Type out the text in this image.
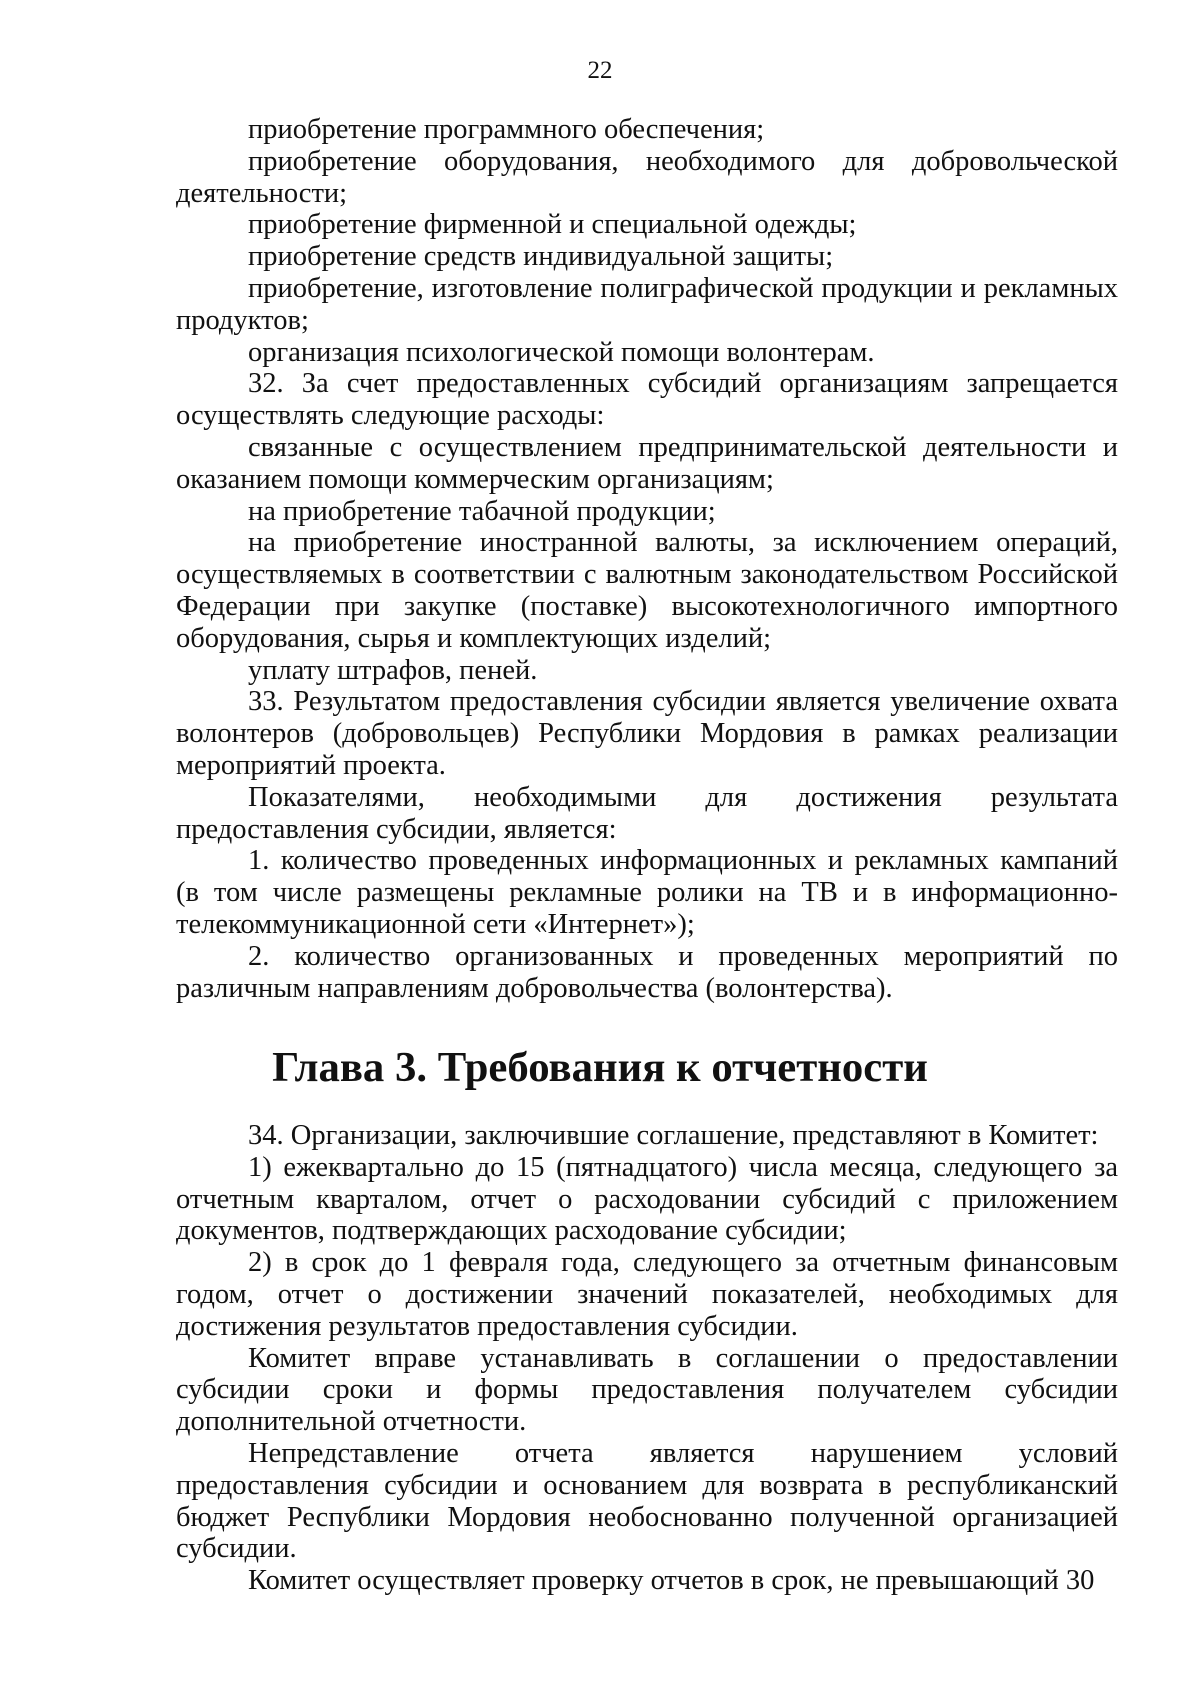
22

приобретение программного обеспечения;

приобретение оборудования, необходимого для добровольческой деятельности;

приобретение фирменной и специальной одежды;

приобретение средств индивидуальной защиты;

приобретение, изготовление полиграфической продукции и рекламных продуктов;

организация психологической помощи волонтерам.

32. За счет предоставленных субсидий организациям запрещается осуществлять следующие расходы:

связанные с осуществлением предпринимательской деятельности и оказанием помощи коммерческим организациям;

на приобретение табачной продукции;

на приобретение иностранной валюты, за исключением операций, осуществляемых в соответствии с валютным законодательством Российской Федерации при закупке (поставке) высокотехнологичного импортного оборудования, сырья и комплектующих изделий;

уплату штрафов, пеней.

33. Результатом предоставления субсидии является увеличение охвата волонтеров (добровольцев) Республики Мордовия в рамках реализации мероприятий проекта.

Показателями, необходимыми для достижения результата предоставления субсидии, является:

1. количество проведенных информационных и рекламных кампаний (в том числе размещены рекламные ролики на ТВ и в информационно-телекоммуникационной сети «Интернет»);

2. количество организованных и проведенных мероприятий по различным направлениям добровольчества (волонтерства).

Глава 3. Требования к отчетности

34. Организации, заключившие соглашение, представляют в Комитет:

1) ежеквартально до 15 (пятнадцатого) числа месяца, следующего за отчетным кварталом, отчет о расходовании субсидий с приложением документов, подтверждающих расходование субсидии;

2) в срок до 1 февраля года, следующего за отчетным финансовым годом, отчет о достижении значений показателей, необходимых для достижения результатов предоставления субсидии.

Комитет вправе устанавливать в соглашении о предоставлении субсидии сроки и формы предоставления получателем субсидии дополнительной отчетности.

Непредставление отчета является нарушением условий предоставления субсидии и основанием для возврата в республиканский бюджет Республики Мордовия необоснованно полученной организацией субсидии.

Комитет осуществляет проверку отчетов в срок, не превышающий 30
